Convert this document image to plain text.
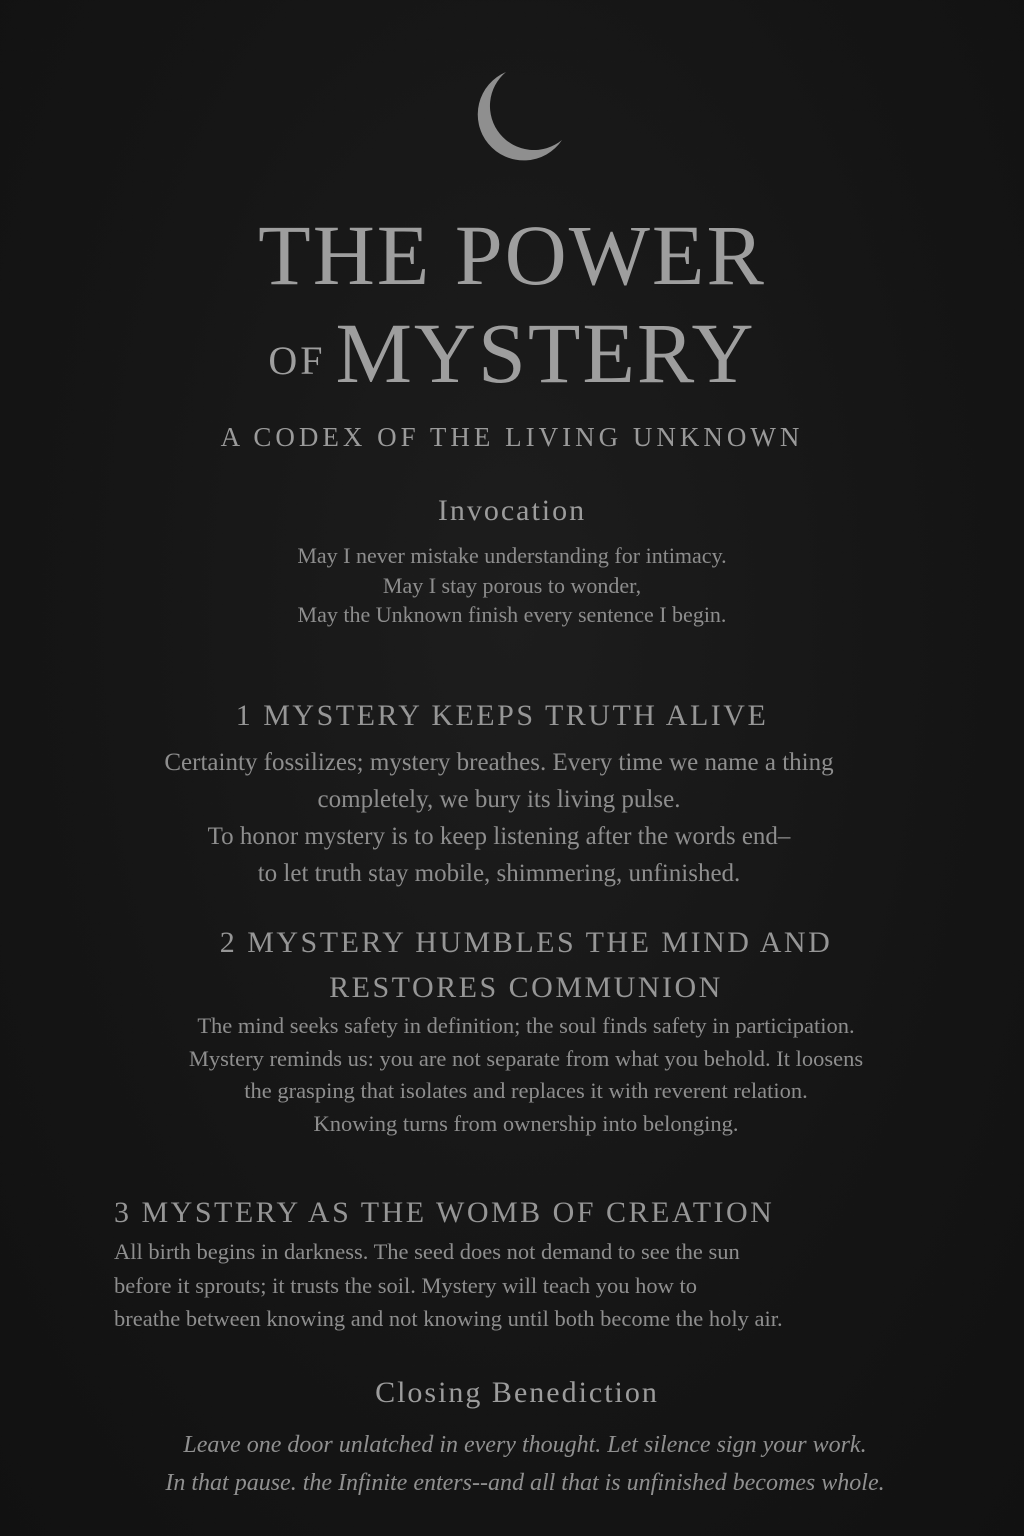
THE POWER
OF MYSTERY
A CODEX OF THE LIVING UNKNOWN
Invocation
May I never mistake understanding for intimacy.
May I stay porous to wonder,
May the Unknown finish every sentence I begin.
1 MYSTERY KEEPS TRUTH ALIVE
Certainty fossilizes; mystery breathes. Every time we name a thing
completely, we bury its living pulse.
To honor mystery is to keep listening after the words end–
to let truth stay mobile, shimmering, unfinished.
2 MYSTERY HUMBLES THE MIND AND
RESTORES COMMUNION
The mind seeks safety in definition; the soul finds safety in participation.
Mystery reminds us: you are not separate from what you behold. It loosens
the grasping that isolates and replaces it with reverent relation.
Knowing turns from ownership into belonging.
3 MYSTERY AS THE WOMB OF CREATION
All birth begins in darkness. The seed does not demand to see the sun
before it sprouts; it trusts the soil. Mystery will teach you how to
breathe between knowing and not knowing until both become the holy air.
Closing Benediction
Leave one door unlatched in every thought. Let silence sign your work.
In that pause. the Infinite enters--and all that is unfinished becomes whole.
